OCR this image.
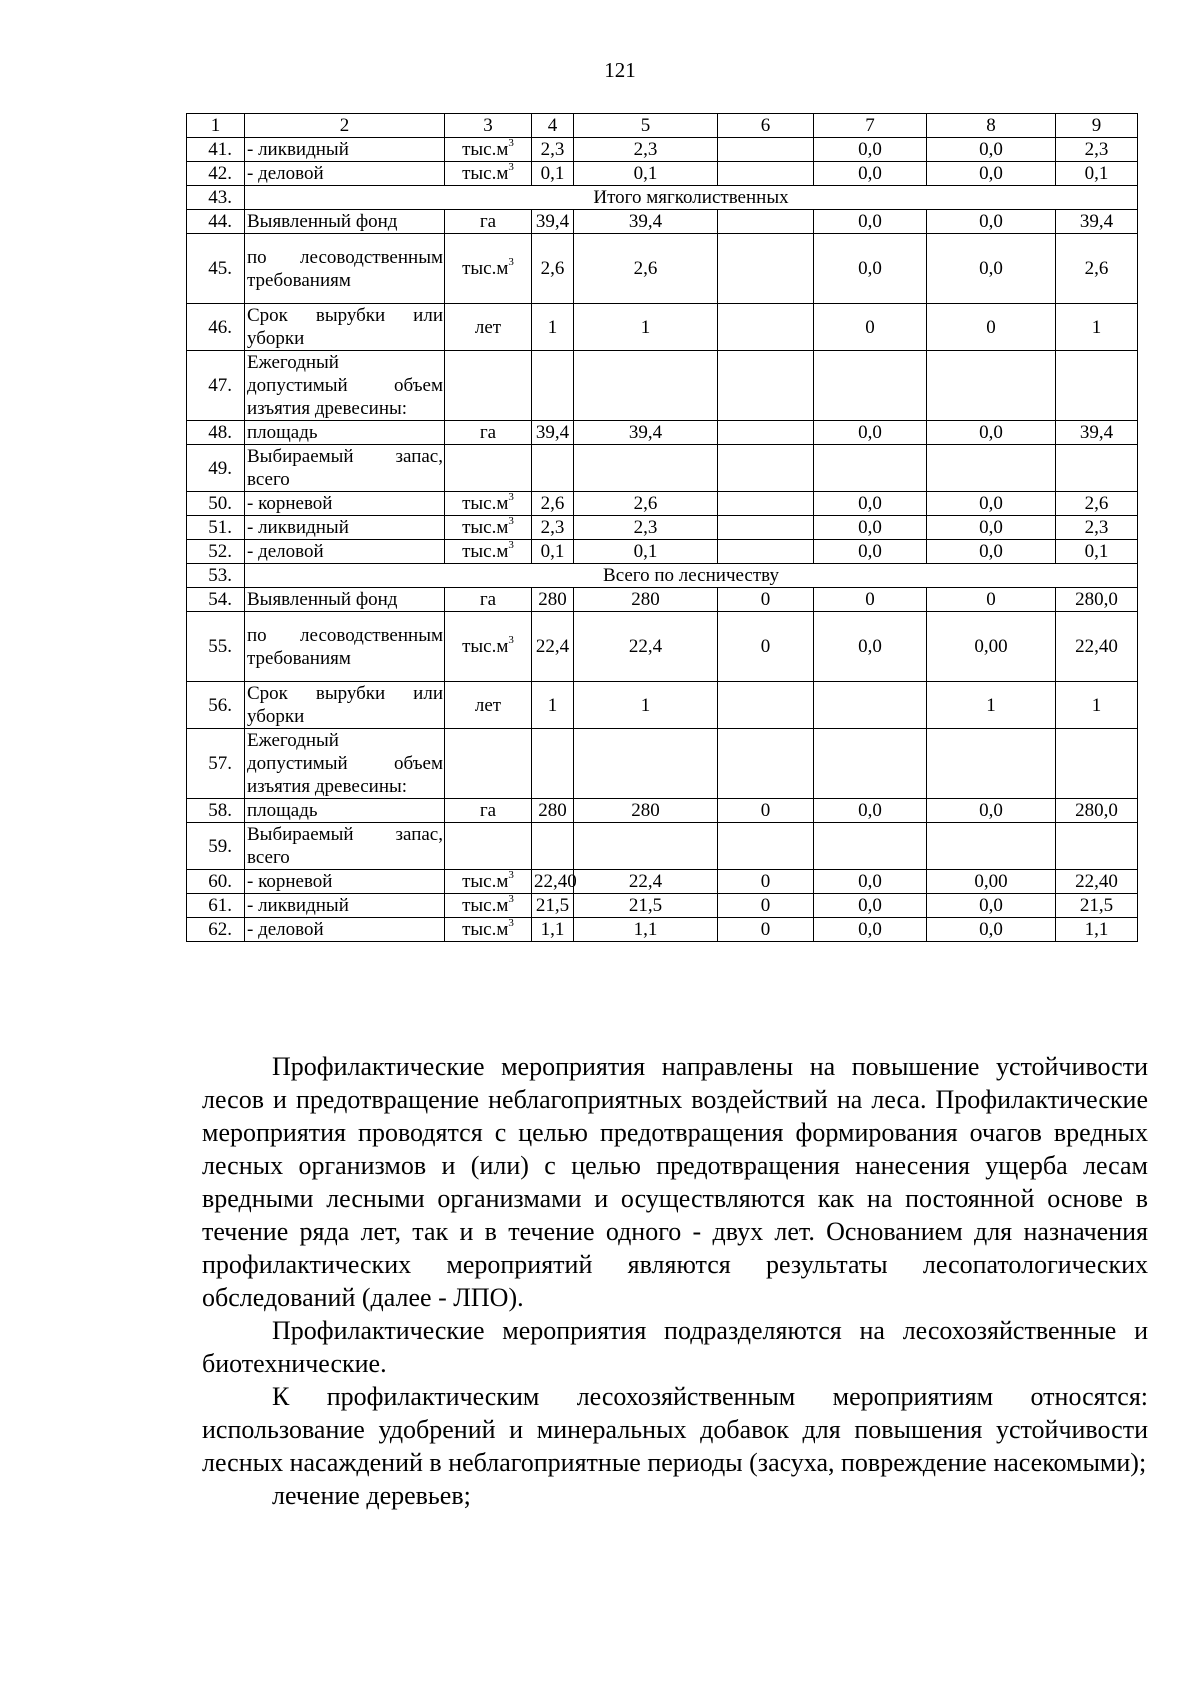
121
1	2	3	4	5	6	7	8	9
41.	- ликвидный	$тыс.м^3$	2,3	2,3		0,0	0,0	2,3
42.	- деловой	$тыс.м^3$	0,1	0,1		0,0	0,0	0,1
43.	Итого мягколиственных							
44.	Выявленный фонд	га	39,4	39,4		0,0	0,0	39,4
45.	по лесоводственным требованиям	$тыс.м^3$	2,6	2,6		0,0	0,0	2,6
46.	Срок вырубки или уборки	лет	1	1		0	0	1
47.	Ежегодный допустимый объем изъятия древесины:							

48.	площадь	га	39,4	39,4		0,0	0,0	39,4
49.	Выбираемый запас, всего							

50.	- корневой	$тыс.м^3$	2,6	2,6		0,0	0,0	2,6
51.	- ликвидный	$тыс.м^3$	2,3	2,3		0,0	0,0	2,3
52.	- деловой	$тыс.м^3$	0,1	0,1		0,0	0,0	0,1
53.	Всего по лесничеству							
54.	Выявленный фонд	га	280	280	0	0	0	280,0
55.	по лесоводственным требованиям	$тыс.м^3$	22,4	22,4	0	0,0	0,00	22,40
56.	Срок вырубки или уборки	лет	1	1			1	1
57.	Ежегодный допустимый объем изъятия древесины:							

58.	площадь	га	280	280	0	0,0	0,0	280,0
59.	Выбираемый запас, всего							

60.	- корневой	$тыс.м^3$	22,40	22,4	0	0,0	0,00	22,40
61.	- ликвидный	$тыс.м^3$	21,5	21,5	0	0,0	0,0	21,5
62.	- деловой	$тыс.м^3$	1,1	1,1	0	0,0	0,0	1,1

Профилактические мероприятия направлены на повышение устойчивости лесов и предотвращение неблагоприятных воздействий на леса. Профилактические мероприятия проводятся с целью предотвращения формирования очагов вредных лесных организмов и (или) с целью предотвращения нанесения ущерба лесам вредными лесными организмами и осуществляются как на постоянной основе в течение ряда лет, так и в течение одного - двух лет. Основанием для назначения профилактических мероприятий являются результаты лесопатологических обследований (далее - ЛПО).

Профилактические мероприятия подразделяются на лесохозяйственные и биотехнические.

К профилактическим лесохозяйственным мероприятиям относятся: использование удобрений и минеральных добавок для повышения устойчивости лесных насаждений в неблагоприятные периоды (засуха, повреждение насекомыми);

лечение деревьев;
